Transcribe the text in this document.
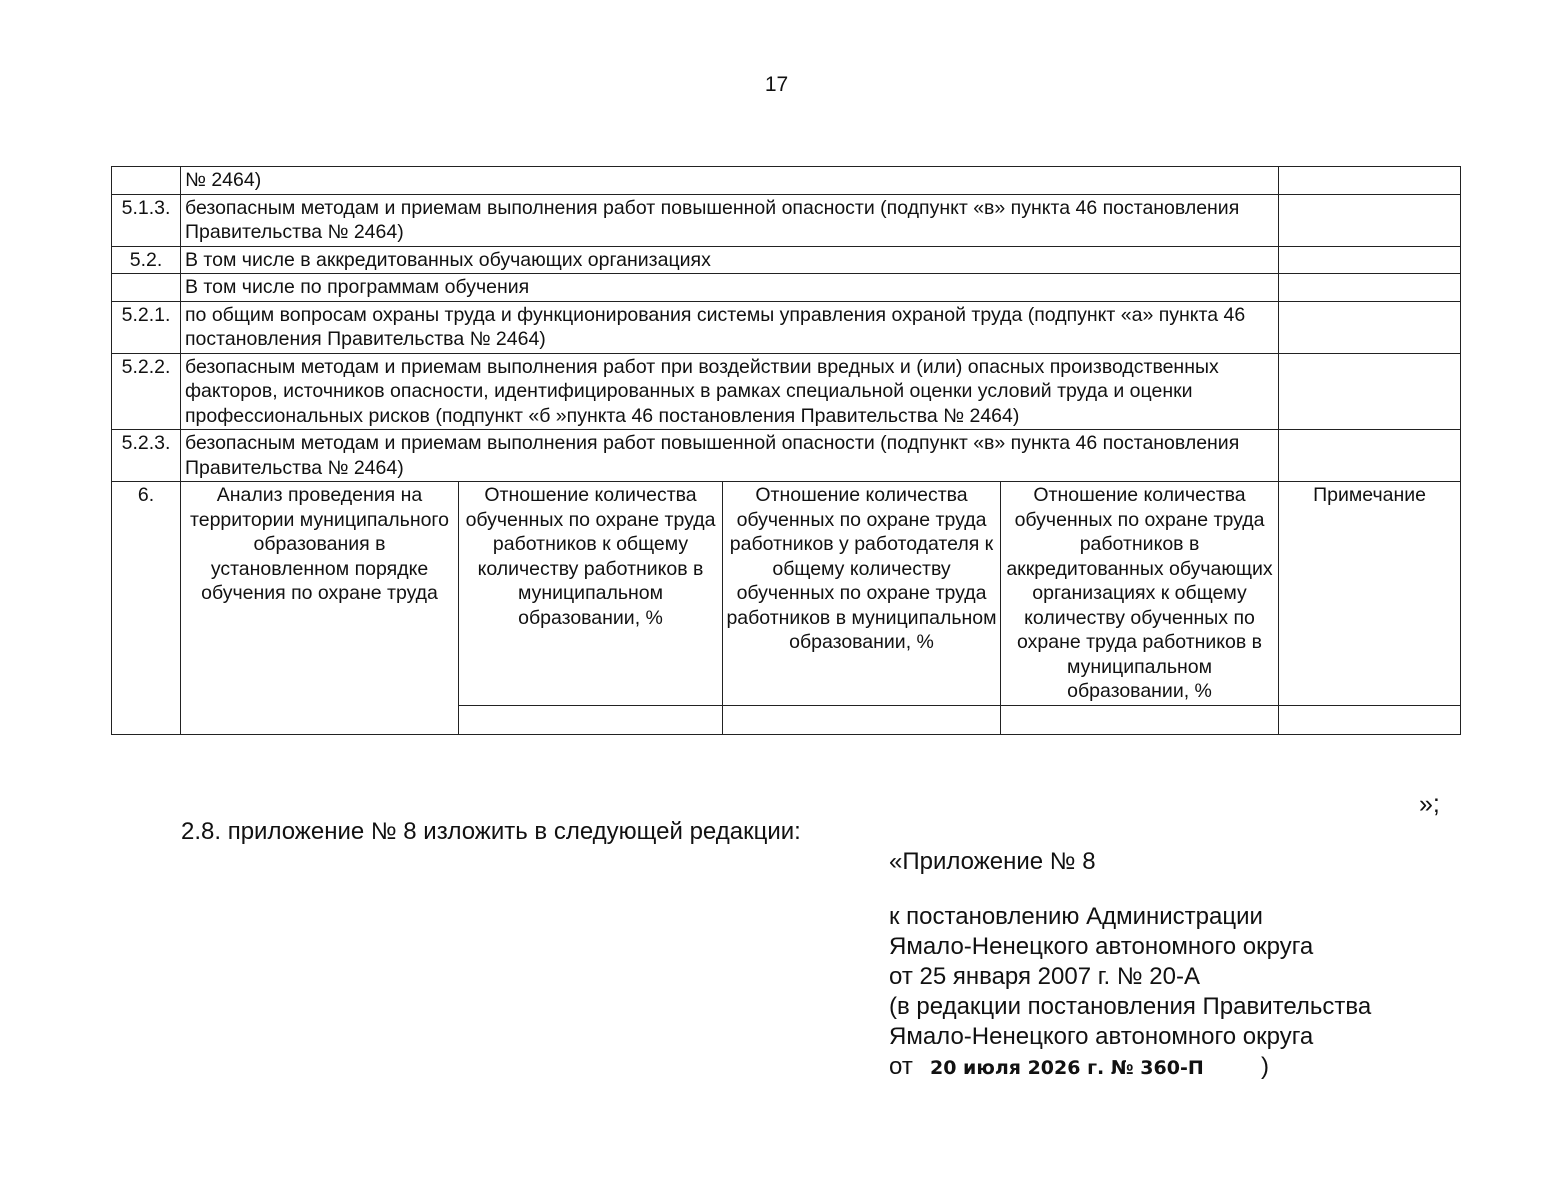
17
	№ 2464)				
5.1.3.	безопасным методам и приемам выполнения работ повышенной опасности (подпункт «в» пункта 46 постановления Правительства № 2464)				
5.2.	В том числе в аккредитованных обучающих организациях				
	В том числе по программам обучения				
5.2.1.	по общим вопросам охраны труда и функционирования системы управления охраной труда (подпункт «а» пункта 46 постановления Правительства № 2464)				
5.2.2.	безопасным методам и приемам выполнения работ при воздействии вредных и (или) опасных производственных факторов, источников опасности, идентифицированных в рамках специальной оценки условий труда и оценки профессиональных рисков (подпункт «б »пункта 46 постановления Правительства № 2464)				
5.2.3.	безопасным методам и приемам выполнения работ повышенной опасности (подпункт «в» пункта 46 постановления Правительства № 2464)				
6.	Анализ проведения на территории муниципального образования в установленном порядке обучения по охране труда	Отношение количества обученных по охране труда работников к общему количеству работников в муниципальном образовании, %	Отношение количества обученных по охране труда работников у работодателя к общему количеству обученных по охране труда работников в муниципальном образовании, %	Отношение количества обученных по охране труда работников в аккредитованных обучающих организациях к общему количеству обученных по охране труда работников в муниципальном образовании, %	Примечание

»;
2.8. приложение № 8 изложить в следующей редакции:
«Приложение № 8
к постановлению Администрации
Ямало-Ненецкого автономного округа
от 25 января 2007 г. № 20-А
(в редакции постановления Правительства
Ямало-Ненецкого автономного округа
от 20 июля 2026 г. № 360-П )
